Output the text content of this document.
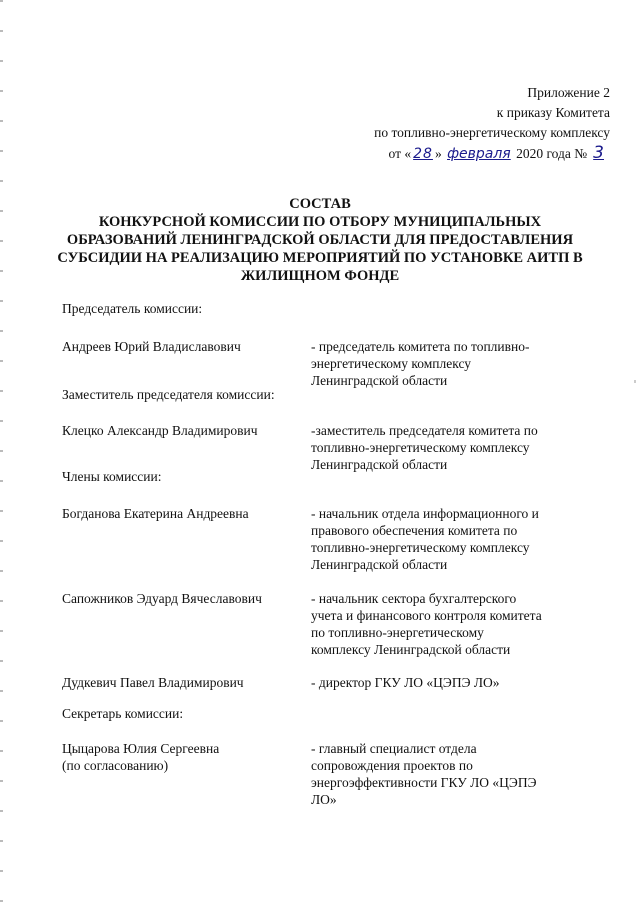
Приложение 2
к приказу Комитета
по топливно-энергетическому комплексу
от « 28 » февраля 2020 года № 3
СОСТАВ
КОНКУРСНОЙ КОМИССИИ ПО ОТБОРУ МУНИЦИПАЛЬНЫХ
ОБРАЗОВАНИЙ ЛЕНИНГРАДСКОЙ ОБЛАСТИ ДЛЯ ПРЕДОСТАВЛЕНИЯ
СУБСИДИИ НА РЕАЛИЗАЦИЮ МЕРОПРИЯТИЙ ПО УСТАНОВКЕ АИТП В
ЖИЛИЩНОМ ФОНДЕ
Председатель комиссии:
Андреев Юрий Владиславович	- председатель комитета по топливно-
энергетическому комплексу
Ленинградской области
Заместитель председателя комиссии:
Клецко Александр Владимирович	-заместитель председателя комитета по
топливно-энергетическому комплексу
Ленинградской области
Члены комиссии:
Богданова Екатерина Андреевна	- начальник отдела информационного и
правового обеспечения комитета по
топливно-энергетическому комплексу
Ленинградской области
Сапожников Эдуард Вячеславович	- начальник сектора бухгалтерского
учета и финансового контроля комитета
по топливно-энергетическому
комплексу Ленинградской области
Дудкевич Павел Владимирович	- директор ГКУ ЛО «ЦЭПЭ ЛО»
Секретарь комиссии:
Цыцарова Юлия Сергеевна
(по согласованию)
- главный специалист отдела
сопровождения проектов по
энергоэффективности ГКУ ЛО «ЦЭПЭ
ЛО»
